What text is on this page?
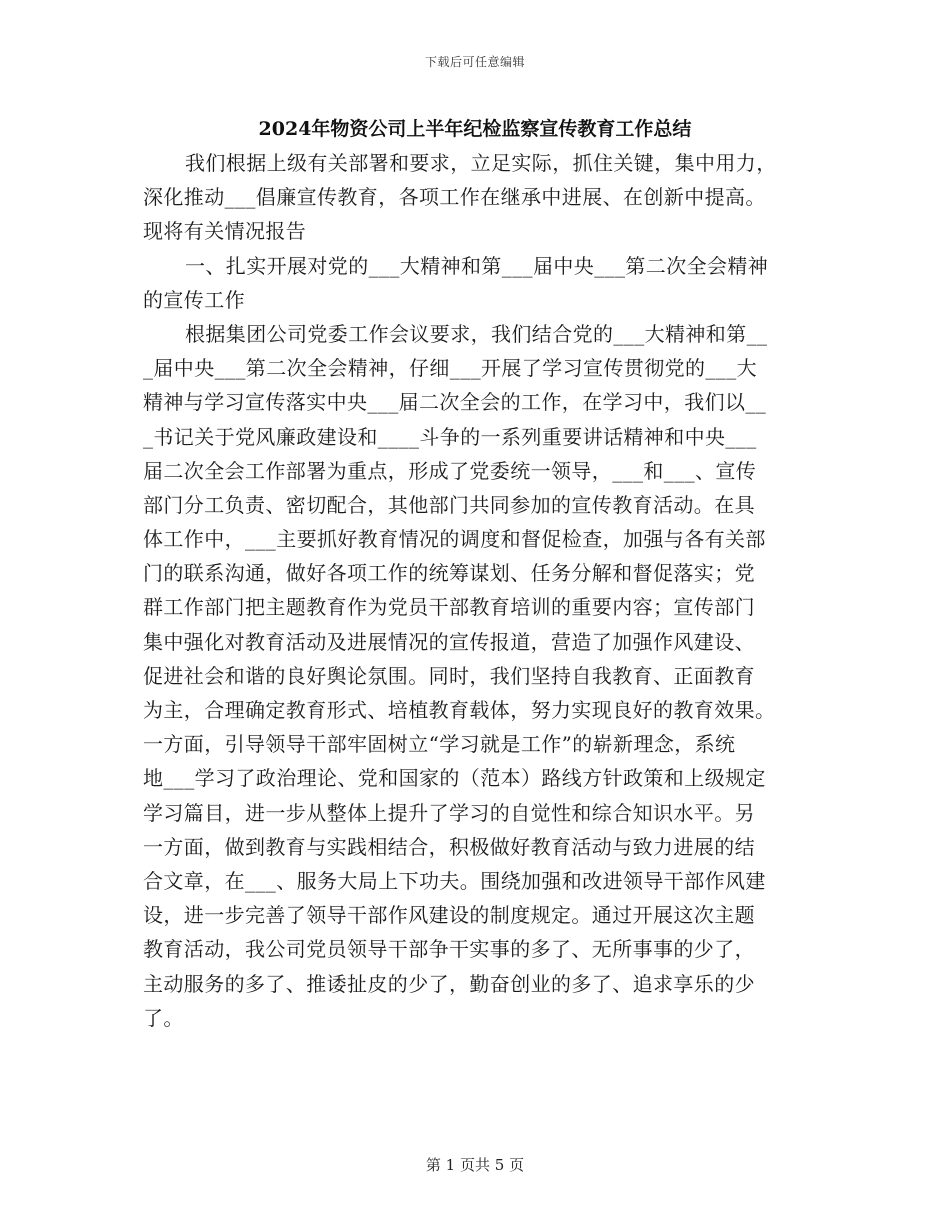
下载后可任意编辑
2024年物资公司上半年纪检监察宣传教育工作总结
我们根据上级有关部署和要求，立足实际，抓住关键，集中用力，
深化推动___倡廉宣传教育，各项工作在继承中进展、在创新中提高。
现将有关情况报告
一、扎实开展对党的___大精神和第___届中央___第二次全会精神
的宣传工作
根据集团公司党委工作会议要求，我们结合党的___大精神和第__
_届中央___第二次全会精神，仔细___开展了学习宣传贯彻党的___大
精神与学习宣传落实中央___届二次全会的工作，在学习中，我们以__
_书记关于党风廉政建设和____斗争的一系列重要讲话精神和中央___
届二次全会工作部署为重点，形成了党委统一领导，___和___、宣传
部门分工负责、密切配合，其他部门共同参加的宣传教育活动。在具
体工作中，___主要抓好教育情况的调度和督促检查，加强与各有关部
门的联系沟通，做好各项工作的统筹谋划、任务分解和督促落实；党
群工作部门把主题教育作为党员干部教育培训的重要内容；宣传部门
集中强化对教育活动及进展情况的宣传报道，营造了加强作风建设、
促进社会和谐的良好舆论氛围。同时，我们坚持自我教育、正面教育
为主，合理确定教育形式、培植教育载体，努力实现良好的教育效果。
一方面，引导领导干部牢固树立“学习就是工作”的崭新理念，系统
地___学习了政治理论、党和国家的（范本）路线方针政策和上级规定
学习篇目，进一步从整体上提升了学习的自觉性和综合知识水平。另
一方面，做到教育与实践相结合，积极做好教育活动与致力进展的结
合文章，在___、服务大局上下功夫。围绕加强和改进领导干部作风建
设，进一步完善了领导干部作风建设的制度规定。通过开展这次主题
教育活动，我公司党员领导干部争干实事的多了、无所事事的少了，
主动服务的多了、推诿扯皮的少了，勤奋创业的多了、追求享乐的少
了。
第 1 页共 5 页
